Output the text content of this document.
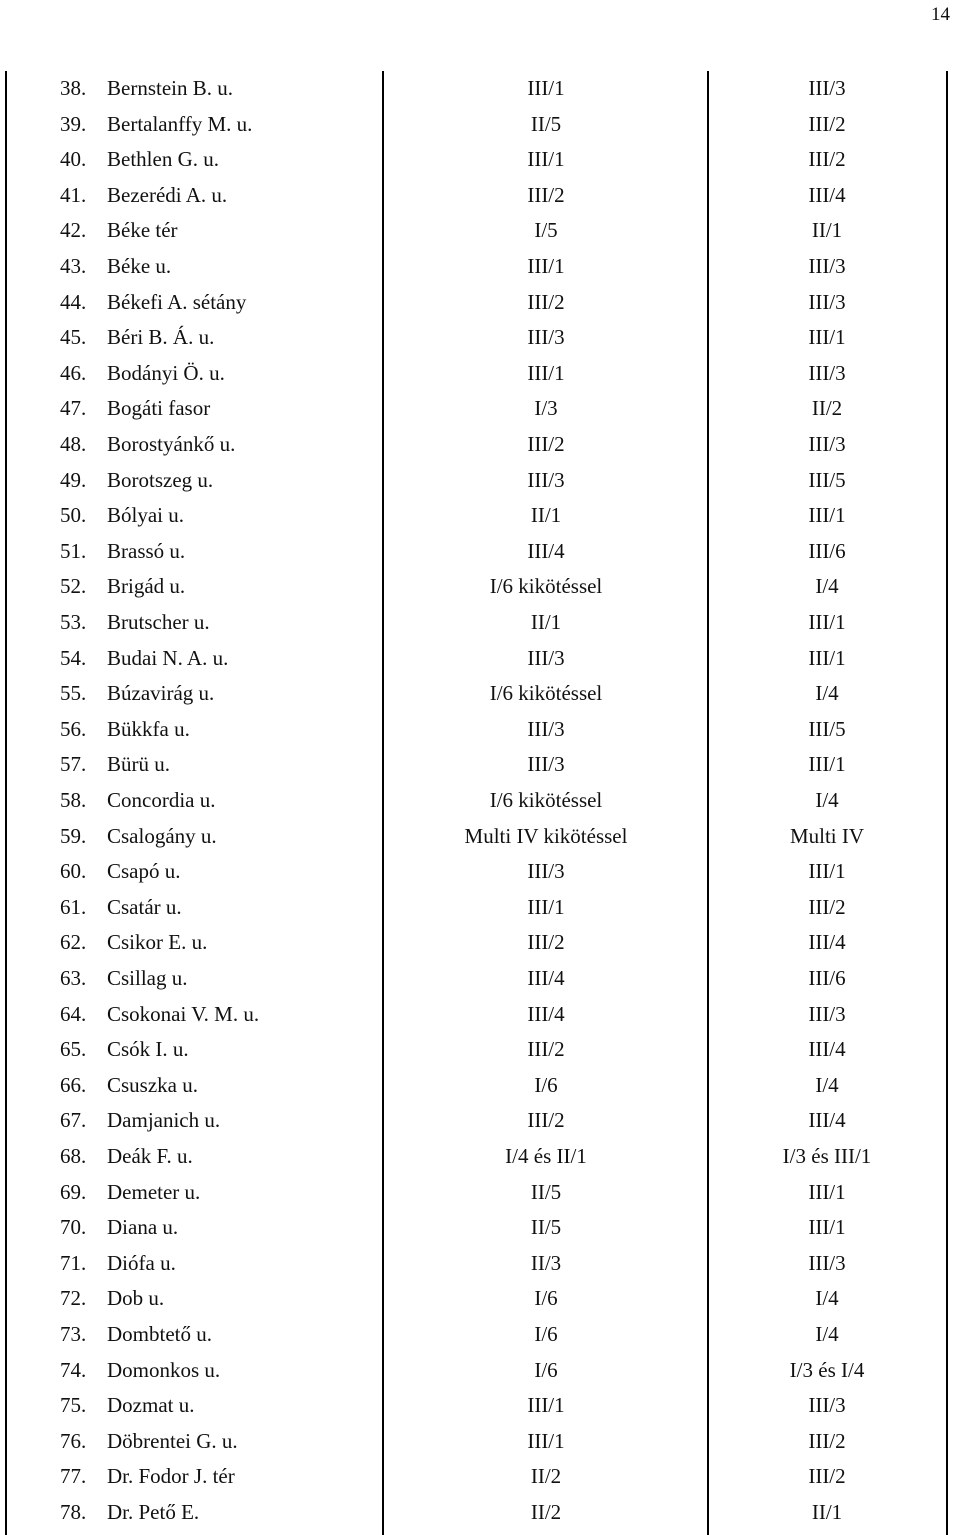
14
38. Bernstein B. u.	III/1	III/3
39. Bertalanffy M. u.	II/5	III/2
40. Bethlen G. u.	III/1	III/2
41. Bezerédi A. u.	III/2	III/4
42. Béke tér	I/5	II/1
43. Béke u.	III/1	III/3
44. Békefi A. sétány	III/2	III/3
45. Béri B. Á. u.	III/3	III/1
46. Bodányi Ö. u.	III/1	III/3
47. Bogáti fasor	I/3	II/2
48. Borostyánkő u.	III/2	III/3
49. Borotszeg u.	III/3	III/5
50. Bólyai u.	II/1	III/1
51. Brassó u.	III/4	III/6
52. Brigád u.	I/6 kikötéssel	I/4
53. Brutscher u.	II/1	III/1
54. Budai N. A. u.	III/3	III/1
55. Búzavirág u.	I/6 kikötéssel	I/4
56. Bükkfa u.	III/3	III/5
57. Bürü u.	III/3	III/1
58. Concordia u.	I/6 kikötéssel	I/4
59. Csalogány u.	Multi IV kikötéssel	Multi IV
60. Csapó u.	III/3	III/1
61. Csatár u.	III/1	III/2
62. Csikor E. u.	III/2	III/4
63. Csillag u.	III/4	III/6
64. Csokonai V. M. u.	III/4	III/3
65. Csók I. u.	III/2	III/4
66. Csuszka u.	I/6	I/4
67. Damjanich u.	III/2	III/4
68. Deák F. u.	I/4 és II/1	I/3 és III/1
69. Demeter u.	II/5	III/1
70. Diana u.	II/5	III/1
71. Diófa u.	II/3	III/3
72. Dob u.	I/6	I/4
73. Dombtető u.	I/6	I/4
74. Domonkos u.	I/6	I/3 és I/4
75. Dozmat u.	III/1	III/3
76. Döbrentei G. u.	III/1	III/2
77. Dr. Fodor J. tér	II/2	III/2
78. Dr. Pető E.	II/2	II/1
